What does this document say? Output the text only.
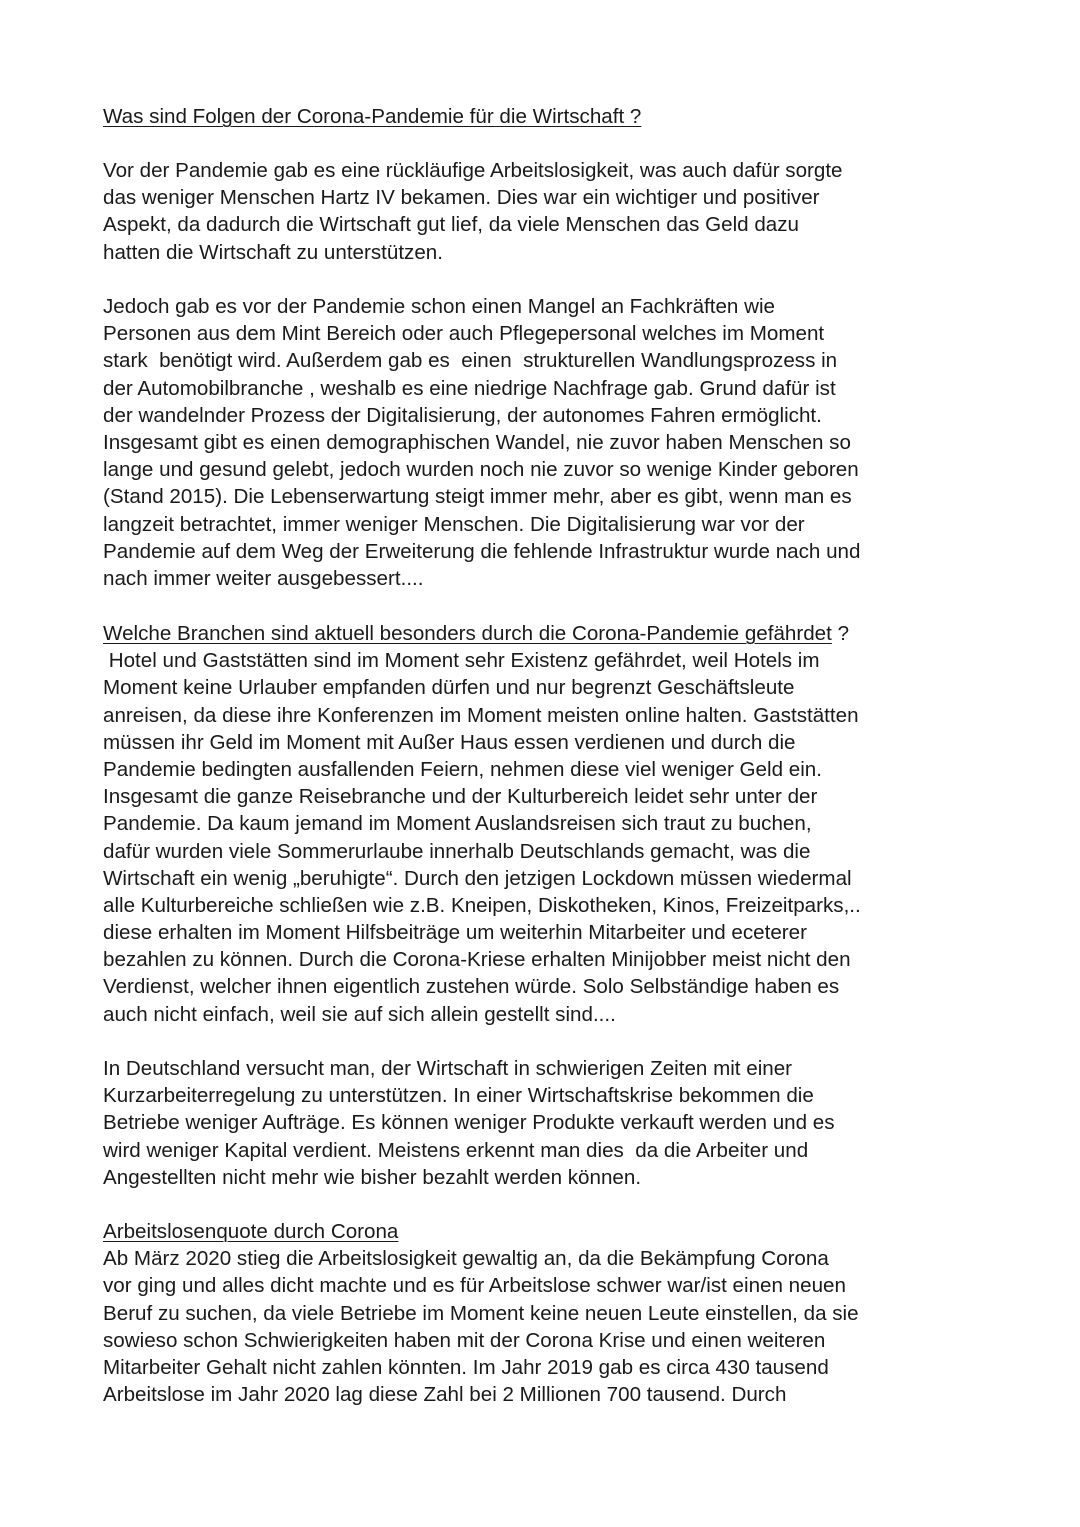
Was sind Folgen der Corona-Pandemie für die Wirtschaft ?
Vor der Pandemie gab es eine rückläufige Arbeitslosigkeit, was auch dafür sorgte
das weniger Menschen Hartz IV bekamen. Dies war ein wichtiger und positiver
Aspekt, da dadurch die Wirtschaft gut lief, da viele Menschen das Geld dazu
hatten die Wirtschaft zu unterstützen.
Jedoch gab es vor der Pandemie schon einen Mangel an Fachkräften wie
Personen aus dem Mint Bereich oder auch Pflegepersonal welches im Moment
stark  benötigt wird. Außerdem gab es  einen  strukturellen Wandlungsprozess in
der Automobilbranche , weshalb es eine niedrige Nachfrage gab. Grund dafür ist
der wandelnder Prozess der Digitalisierung, der autonomes Fahren ermöglicht.
Insgesamt gibt es einen demographischen Wandel, nie zuvor haben Menschen so
lange und gesund gelebt, jedoch wurden noch nie zuvor so wenige Kinder geboren
(Stand 2015). Die Lebenserwartung steigt immer mehr, aber es gibt, wenn man es
langzeit betrachtet, immer weniger Menschen. Die Digitalisierung war vor der
Pandemie auf dem Weg der Erweiterung die fehlende Infrastruktur wurde nach und
nach immer weiter ausgebessert....
Welche Branchen sind aktuell besonders durch die Corona-Pandemie gefährdet ?
Hotel und Gaststätten sind im Moment sehr Existenz gefährdet, weil Hotels im
Moment keine Urlauber empfanden dürfen und nur begrenzt Geschäftsleute
anreisen, da diese ihre Konferenzen im Moment meisten online halten. Gaststätten
müssen ihr Geld im Moment mit Außer Haus essen verdienen und durch die
Pandemie bedingten ausfallenden Feiern, nehmen diese viel weniger Geld ein.
Insgesamt die ganze Reisebranche und der Kulturbereich leidet sehr unter der
Pandemie. Da kaum jemand im Moment Auslandsreisen sich traut zu buchen,
dafür wurden viele Sommerurlaube innerhalb Deutschlands gemacht, was die
Wirtschaft ein wenig „beruhigte“. Durch den jetzigen Lockdown müssen wiedermal
alle Kulturbereiche schließen wie z.B. Kneipen, Diskotheken, Kinos, Freizeitparks,..
diese erhalten im Moment Hilfsbeiträge um weiterhin Mitarbeiter und eceterer
bezahlen zu können. Durch die Corona-Kriese erhalten Minijobber meist nicht den
Verdienst, welcher ihnen eigentlich zustehen würde. Solo Selbständige haben es
auch nicht einfach, weil sie auf sich allein gestellt sind....
In Deutschland versucht man, der Wirtschaft in schwierigen Zeiten mit einer
Kurzarbeiterregelung zu unterstützen. In einer Wirtschaftskrise bekommen die
Betriebe weniger Aufträge. Es können weniger Produkte verkauft werden und es
wird weniger Kapital verdient. Meistens erkennt man dies  da die Arbeiter und
Angestellten nicht mehr wie bisher bezahlt werden können.
Arbeitslosenquote durch Corona
Ab März 2020 stieg die Arbeitslosigkeit gewaltig an, da die Bekämpfung Corona
vor ging und alles dicht machte und es für Arbeitslose schwer war/ist einen neuen
Beruf zu suchen, da viele Betriebe im Moment keine neuen Leute einstellen, da sie
sowieso schon Schwierigkeiten haben mit der Corona Krise und einen weiteren
Mitarbeiter Gehalt nicht zahlen könnten. Im Jahr 2019 gab es circa 430 tausend
Arbeitslose im Jahr 2020 lag diese Zahl bei 2 Millionen 700 tausend. Durch
